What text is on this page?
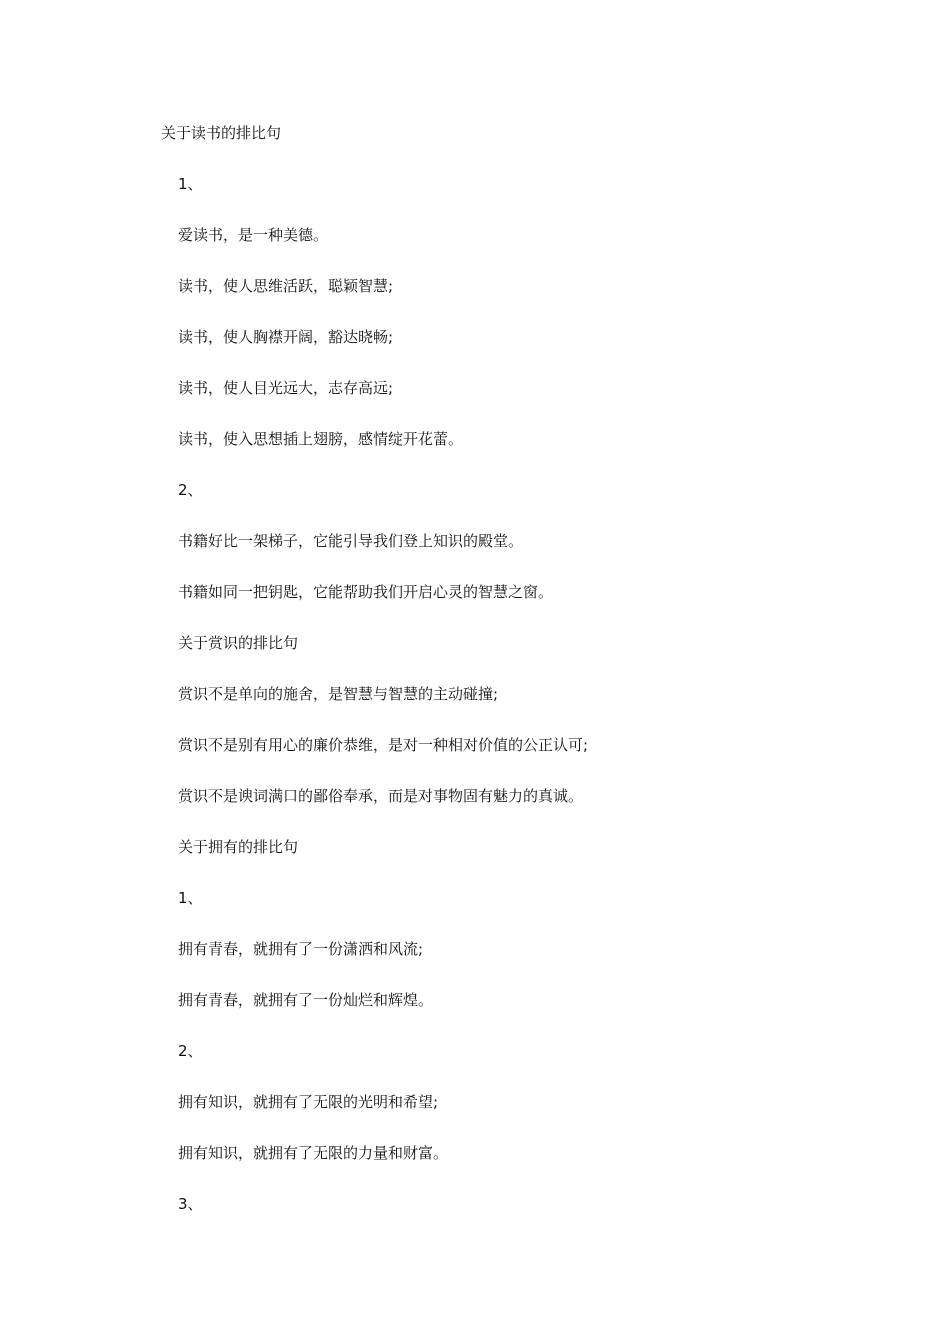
关于读书的排比句
1、
爱读书，是一种美德。
读书，使人思维活跃，聪颖智慧;
读书，使人胸襟开阔，豁达晓畅;
读书，使人目光远大，志存高远;
读书，使入思想插上翅膀，感情绽开花蕾。
2、
书籍好比一架梯子，它能引导我们登上知识的殿堂。
书籍如同一把钥匙，它能帮助我们开启心灵的智慧之窗。
关于赏识的排比句
赏识不是单向的施舍，是智慧与智慧的主动碰撞;
赏识不是别有用心的廉价恭维，是对一种相对价值的公正认可;
赏识不是谀词满口的鄙俗奉承，而是对事物固有魅力的真诚。
关于拥有的排比句
1、
拥有青春，就拥有了一份潇洒和风流;
拥有青春，就拥有了一份灿烂和辉煌。
2、
拥有知识，就拥有了无限的光明和希望;
拥有知识，就拥有了无限的力量和财富。
3、
